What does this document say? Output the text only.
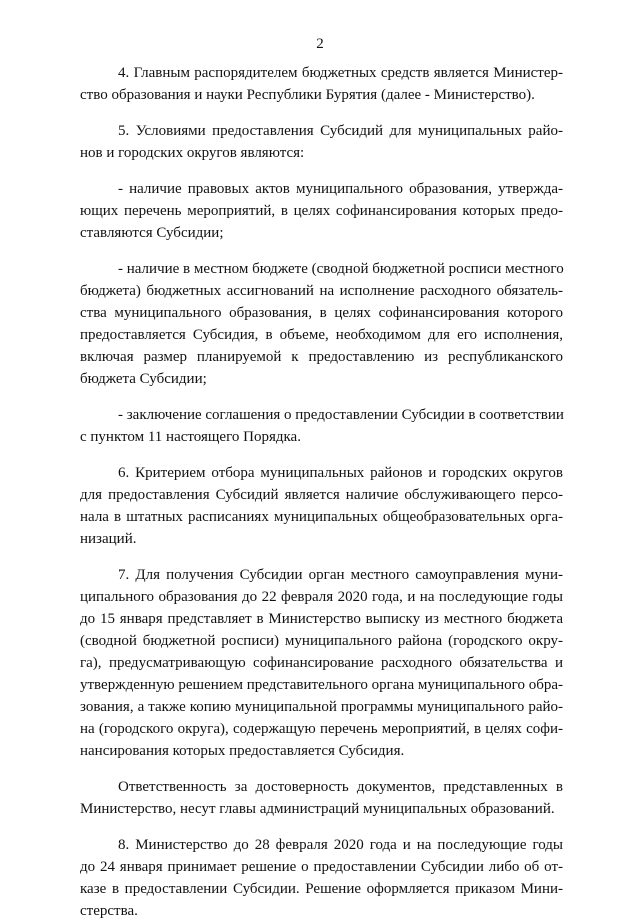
2
4. Главным распорядителем бюджетных средств является Министер-
ство образования и науки Республики Бурятия (далее - Министерство).
5. Условиями предоставления Субсидий для муниципальных райо-
нов и городских округов являются:
- наличие правовых актов муниципального образования, утвержда-
ющих перечень мероприятий, в целях софинансирования которых предо-
ставляются Субсидии;
- наличие в местном бюджете (сводной бюджетной росписи местного
бюджета) бюджетных ассигнований на исполнение расходного обязатель-
ства муниципального образования, в целях софинансирования которого
предоставляется Субсидия, в объеме, необходимом для его исполнения,
включая размер планируемой к предоставлению из республиканского
бюджета Субсидии;
- заключение соглашения о предоставлении Субсидии в соответствии
с пунктом 11 настоящего Порядка.
6. Критерием отбора муниципальных районов и городских округов
для предоставления Субсидий является наличие обслуживающего персо-
нала в штатных расписаниях муниципальных общеобразовательных орга-
низаций.
7. Для получения Субсидии орган местного самоуправления муни-
ципального образования до 22 февраля 2020 года, и на последующие годы
до 15 января представляет в Министерство выписку из местного бюджета
(сводной бюджетной росписи) муниципального района (городского окру-
га), предусматривающую софинансирование расходного обязательства и
утвержденную решением представительного органа муниципального обра-
зования, а также копию муниципальной программы муниципального райо-
на (городского округа), содержащую перечень мероприятий, в целях софи-
нансирования которых предоставляется Субсидия.
Ответственность за достоверность документов, представленных в
Министерство, несут главы администраций муниципальных образований.
8. Министерство до 28 февраля 2020 года и на последующие годы
до 24 января принимает решение о предоставлении Субсидии либо об от-
казе в предоставлении Субсидии. Решение оформляется приказом Мини-
стерства.
